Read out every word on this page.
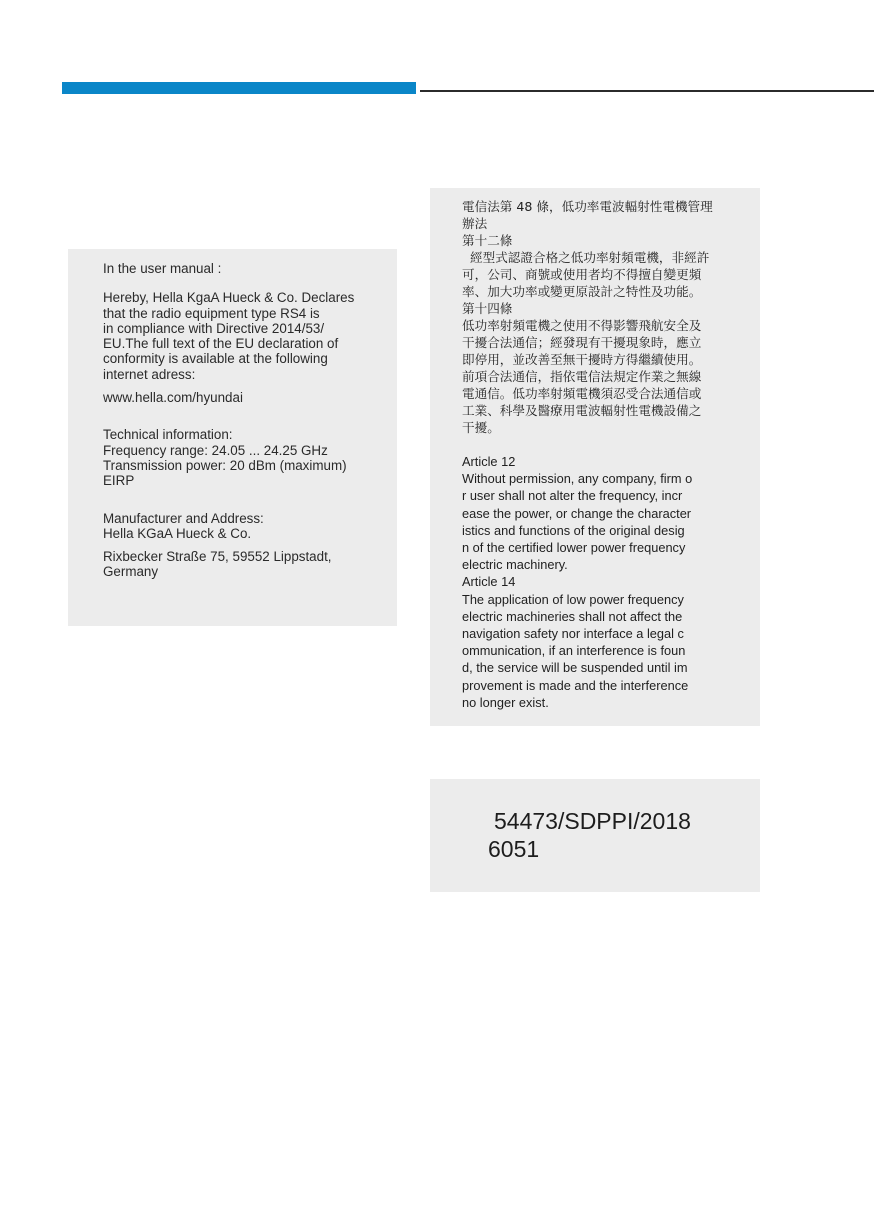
In the user manual :
Hereby, Hella KgaA Hueck & Co. Declares
that the radio equipment type RS4 is
in compliance with Directive 2014/53/
EU.The full text of the EU declaration of
conformity is available at the following
internet adress:
www.hella.com/hyundai
Technical information:
Frequency range: 24.05 ... 24.25 GHz
Transmission power: 20 dBm (maximum)
EIRP
Manufacturer and Address:
Hella KGaA Hueck & Co.
Rixbecker Straße 75, 59552 Lippstadt,
Germany
電信法第 48 條，低功率電波輻射性電機管理
辦法
第十二條
經型式認證合格之低功率射頻電機，非經許
可，公司、商號或使用者均不得擅自變更頻
率、加大功率或變更原設計之特性及功能。
第十四條
低功率射頻電機之使用不得影響飛航安全及
干擾合法通信；經發現有干擾現象時，應立
即停用，並改善至無干擾時方得繼續使用。
前項合法通信，指依電信法規定作業之無線
電通信。低功率射頻電機須忍受合法通信或
工業、科學及醫療用電波輻射性電機設備之
干擾。
Article 12
Without permission, any company, firm o
r user shall not alter the frequency, incr
ease the power, or change the character
istics and functions of the original desig
n of the certified lower power frequency
electric machinery.
Article 14
The application of low power frequency
electric machineries shall not affect the
navigation safety nor interface a legal c
ommunication, if an interference is foun
d, the service will be suspended until im
provement is made and the interference
no longer exist.
54473/SDPPI/2018
6051
